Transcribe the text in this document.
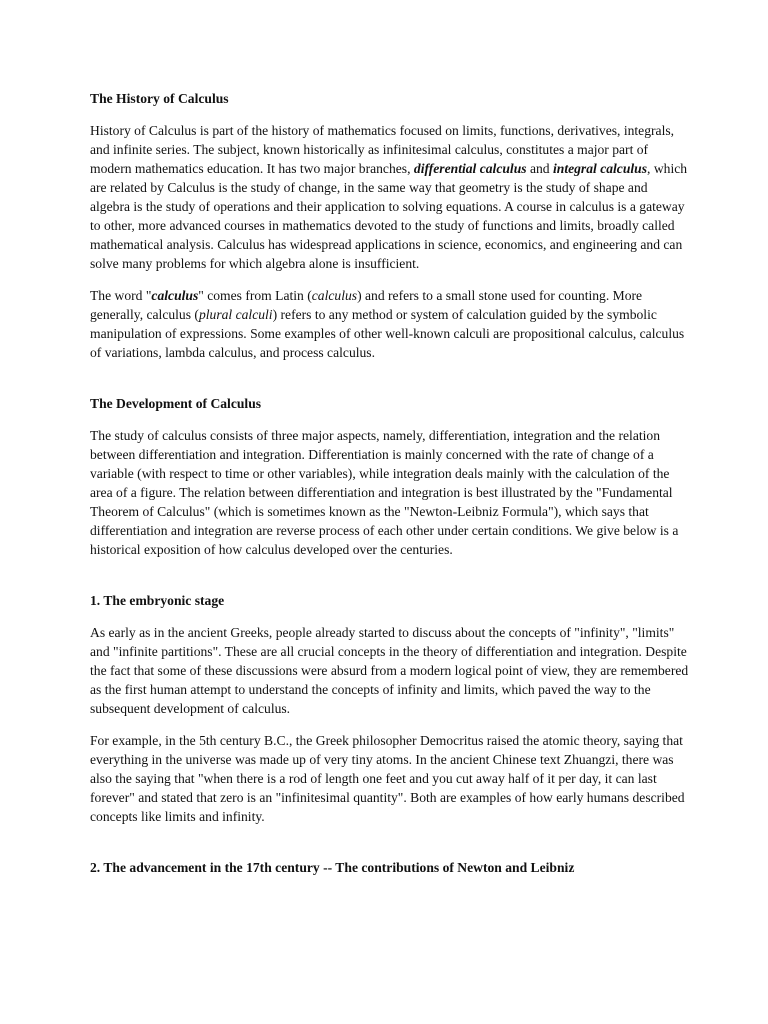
The History of Calculus

History of Calculus is part of the history of mathematics focused on limits, functions, derivatives, integrals, and infinite series. The subject, known historically as infinitesimal calculus, constitutes a major part of modern mathematics education. It has two major branches, differential calculus and integral calculus, which are related by Calculus is the study of change, in the same way that geometry is the study of shape and algebra is the study of operations and their application to solving equations. A course in calculus is a gateway to other, more advanced courses in mathematics devoted to the study of functions and limits, broadly called mathematical analysis. Calculus has widespread applications in science, economics, and engineering and can solve many problems for which algebra alone is insufficient.

The word "calculus" comes from Latin (calculus) and refers to a small stone used for counting. More generally, calculus (plural calculi) refers to any method or system of calculation guided by the symbolic manipulation of expressions. Some examples of other well-known calculi are propositional calculus, calculus of variations, lambda calculus, and process calculus.

The Development of Calculus

The study of calculus consists of three major aspects, namely, differentiation, integration and the relation between differentiation and integration. Differentiation is mainly concerned with the rate of change of a variable (with respect to time or other variables), while integration deals mainly with the calculation of the area of a figure. The relation between differentiation and integration is best illustrated by the "Fundamental Theorem of Calculus" (which is sometimes known as the "Newton-Leibniz Formula"), which says that differentiation and integration are reverse process of each other under certain conditions. We give below is a historical exposition of how calculus developed over the centuries.

1. The embryonic stage

As early as in the ancient Greeks, people already started to discuss about the concepts of "infinity", "limits" and "infinite partitions". These are all crucial concepts in the theory of differentiation and integration. Despite the fact that some of these discussions were absurd from a modern logical point of view, they are remembered as the first human attempt to understand the concepts of infinity and limits, which paved the way to the subsequent development of calculus.

For example, in the 5th century B.C., the Greek philosopher Democritus raised the atomic theory, saying that everything in the universe was made up of very tiny atoms. In the ancient Chinese text Zhuangzi, there was also the saying that "when there is a rod of length one feet and you cut away half of it per day, it can last forever" and stated that zero is an "infinitesimal quantity". Both are examples of how early humans described concepts like limits and infinity.

2. The advancement in the 17th century -- The contributions of Newton and Leibniz
